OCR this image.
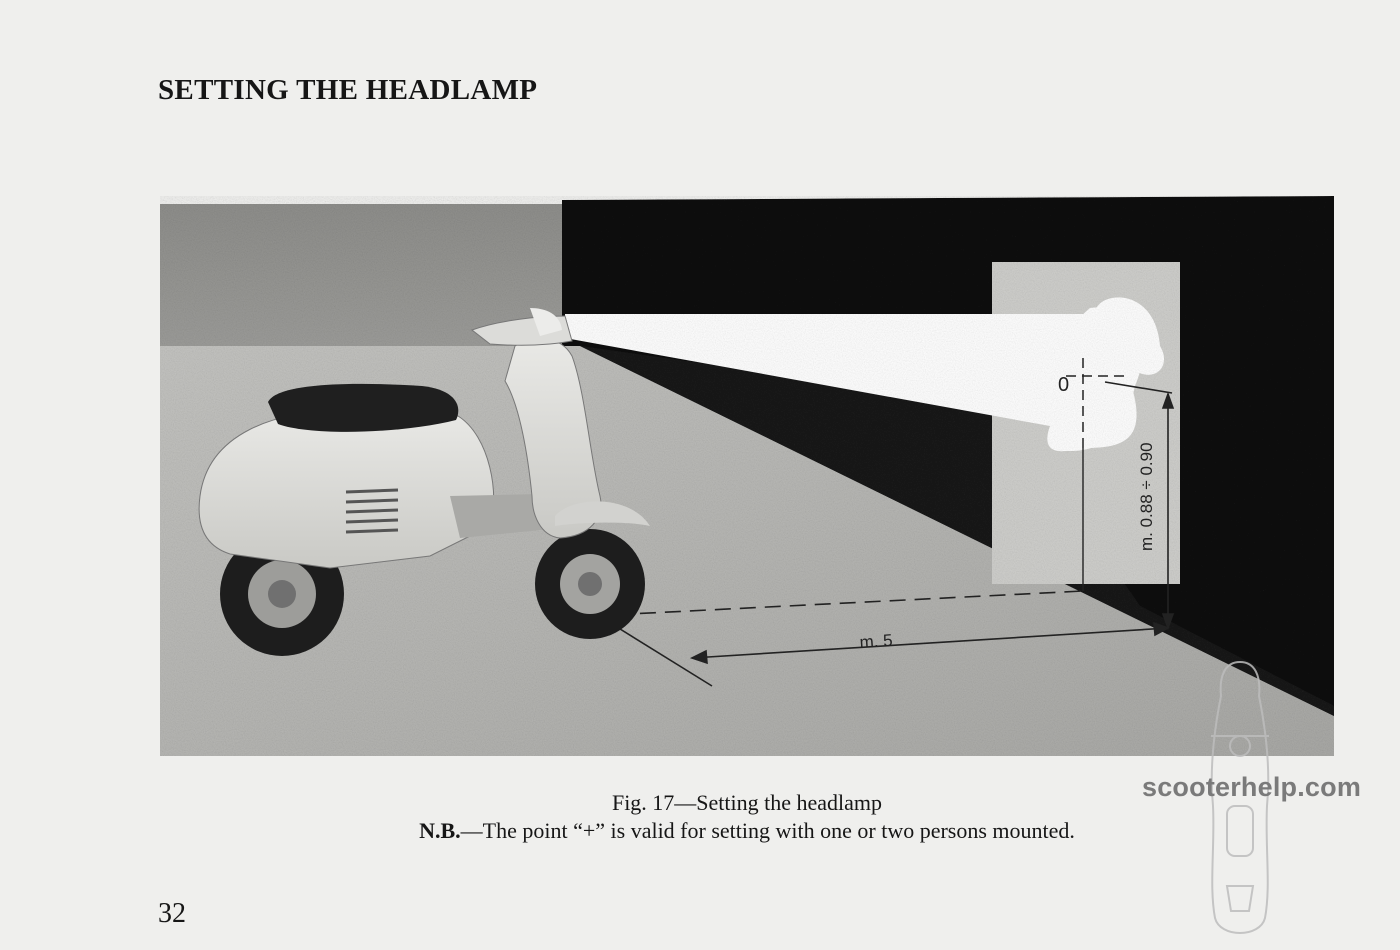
SETTING THE HEADLAMP
0
m. 0.88 ÷ 0.90
m. 5
Fig. 17—Setting the headlamp
N.B.—The point “+” is valid for setting with one or two persons mounted.
32
scooterhelp.com
